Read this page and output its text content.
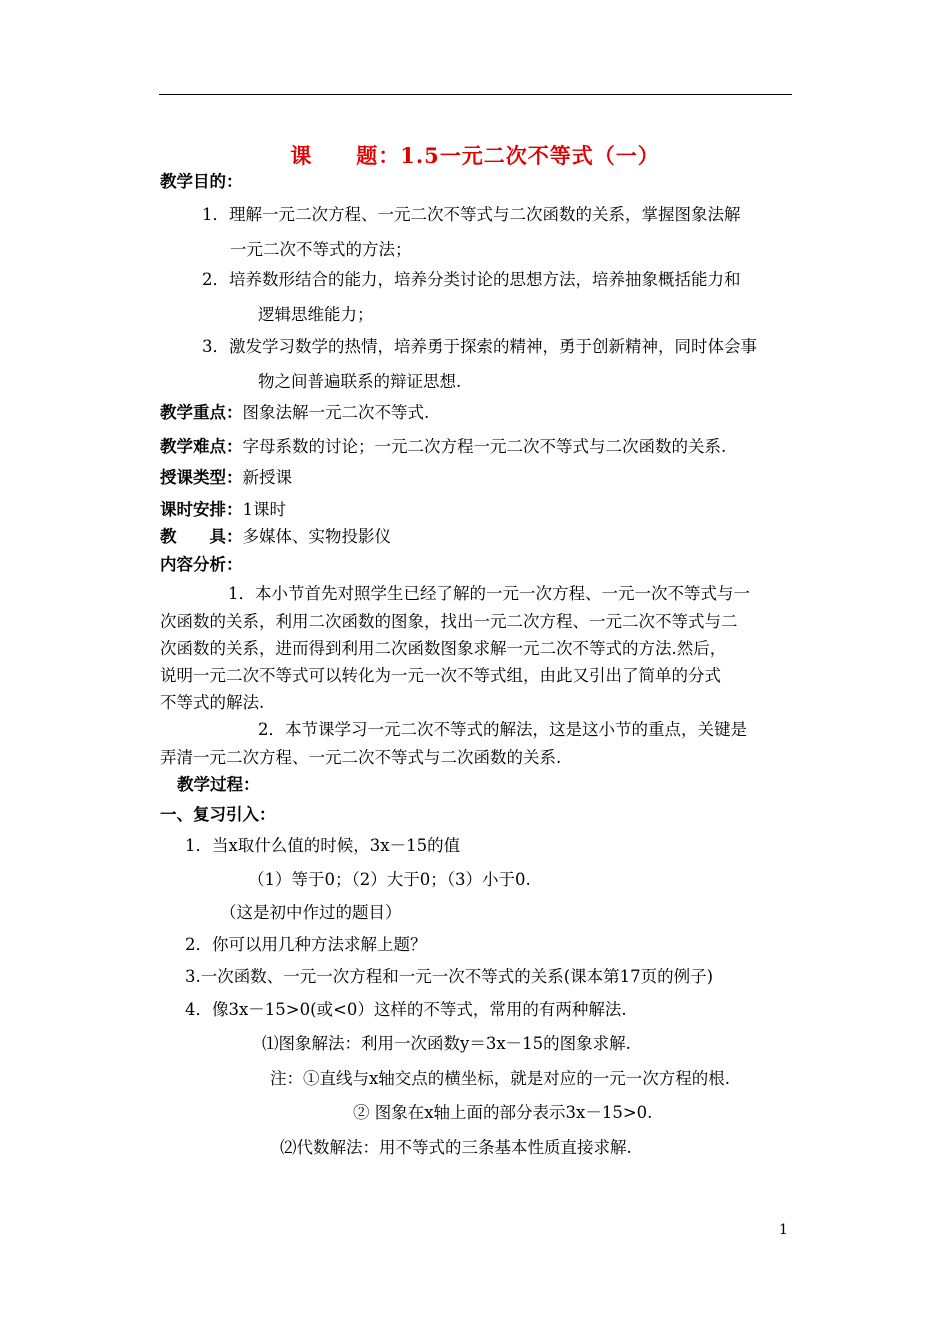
课　　题：1.5一元二次不等式（一）
教学目的：
1．理解一元二次方程、一元二次不等式与二次函数的关系，掌握图象法解
一元二次不等式的方法；
2．培养数形结合的能力，培养分类讨论的思想方法，培养抽象概括能力和
逻辑思维能力；
3．激发学习数学的热情，培养勇于探索的精神，勇于创新精神，同时体会事
物之间普遍联系的辩证思想.
教学重点：图象法解一元二次不等式.
教学难点：字母系数的讨论；一元二次方程一元二次不等式与二次函数的关系.
授课类型：新授课
课时安排：1课时
教　　具：多媒体、实物投影仪
内容分析：
1．本小节首先对照学生已经了解的一元一次方程、一元一次不等式与一
次函数的关系，利用二次函数的图象，找出一元二次方程、一元二次不等式与二
次函数的关系，进而得到利用二次函数图象求解一元二次不等式的方法.然后，
说明一元二次不等式可以转化为一元一次不等式组，由此又引出了简单的分式
不等式的解法.
2．本节课学习一元二次不等式的解法，这是这小节的重点，关键是
弄清一元二次方程、一元二次不等式与二次函数的关系.
教学过程：
一、复习引入：
1．当x取什么值的时候，3x－15的值
（1）等于0；（2）大于0；（3）小于0.
（这是初中作过的题目）
2．你可以用几种方法求解上题？
3.一次函数、一元一次方程和一元一次不等式的关系(课本第17页的例子)
4．像3x－15>0(或<0）这样的不等式，常用的有两种解法.
⑴图象解法：利用一次函数y＝3x－15的图象求解.
注：①直线与x轴交点的横坐标，就是对应的一元一次方程的根.
② 图象在x轴上面的部分表示3x－15>0.
⑵代数解法：用不等式的三条基本性质直接求解.
1
